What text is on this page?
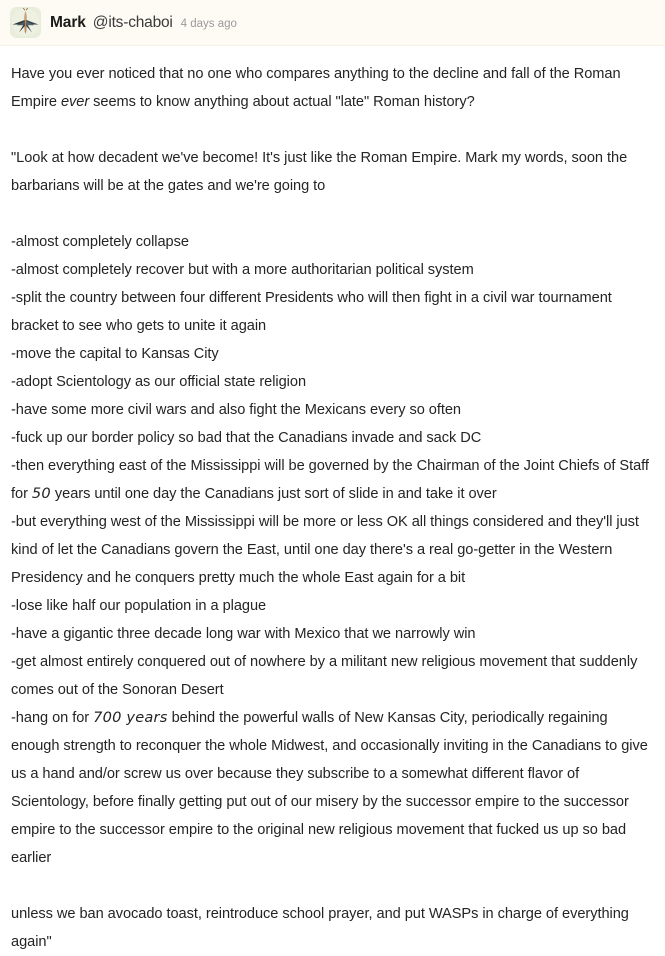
Mark @its-chaboi 4 days ago

Have you ever noticed that no one who compares anything to the decline and fall of the Roman Empire ever seems to know anything about actual "late" Roman history?

"Look at how decadent we've become! It's just like the Roman Empire. Mark my words, soon the barbarians will be at the gates and we're going to

-almost completely collapse

-almost completely recover but with a more authoritarian political system

-split the country between four different Presidents who will then fight in a civil war tournament bracket to see who gets to unite it again

-move the capital to Kansas City

-adopt Scientology as our official state religion

-have some more civil wars and also fight the Mexicans every so often

-fuck up our border policy so bad that the Canadians invade and sack DC

-then everything east of the Mississippi will be governed by the Chairman of the Joint Chiefs of Staff for 50 years until one day the Canadians just sort of slide in and take it over

-but everything west of the Mississippi will be more or less OK all things considered and they'll just kind of let the Canadians govern the East, until one day there's a real go-getter in the Western Presidency and he conquers pretty much the whole East again for a bit

-lose like half our population in a plague

-have a gigantic three decade long war with Mexico that we narrowly win

-get almost entirely conquered out of nowhere by a militant new religious movement that suddenly comes out of the Sonoran Desert

-hang on for 700 years behind the powerful walls of New Kansas City, periodically regaining enough strength to reconquer the whole Midwest, and occasionally inviting in the Canadians to give us a hand and/or screw us over because they subscribe to a somewhat different flavor of Scientology, before finally getting put out of our misery by the successor empire to the successor empire to the successor empire to the original new religious movement that fucked us up so bad earlier

unless we ban avocado toast, reintroduce school prayer, and put WASPs in charge of everything again"
